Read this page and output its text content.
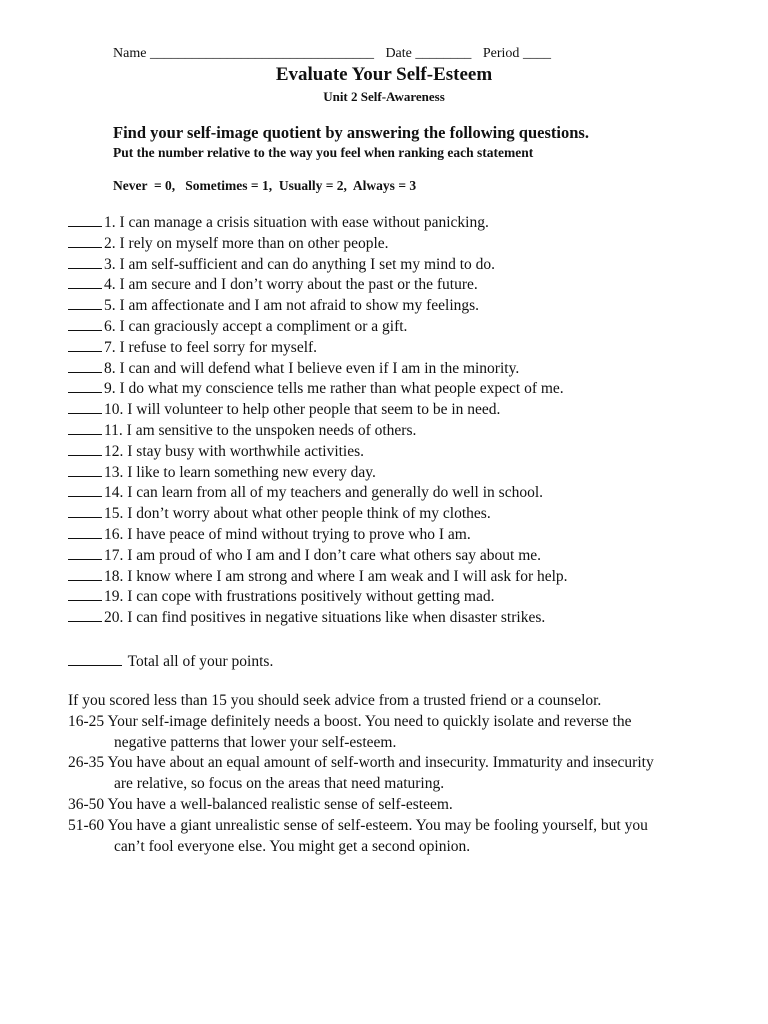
Name ________________________________ Date ________ Period ____
Evaluate Your Self-Esteem
Unit 2 Self-Awareness
Find your self-image quotient by answering the following questions.
Put the number relative to the way you feel when ranking each statement
Never  = 0,   Sometimes = 1,  Usually = 2,  Always = 3
1. I can manage a crisis situation with ease without panicking.
2. I rely on myself more than on other people.
3. I am self-sufficient and can do anything I set my mind to do.
4. I am secure and I don’t worry about the past or the future.
5. I am affectionate and I am not afraid to show my feelings.
6. I can graciously accept a compliment or a gift.
7. I refuse to feel sorry for myself.
8. I can and will defend what I believe even if I am in the minority.
9. I do what my conscience tells me rather than what people expect of me.
10. I will volunteer to help other people that seem to be in need.
11. I am sensitive to the unspoken needs of others.
12. I stay busy with worthwhile activities.
13. I like to learn something new every day.
14. I can learn from all of my teachers and generally do well in school.
15. I don’t worry about what other people think of my clothes.
16. I have peace of mind without trying to prove who I am.
17. I am proud of who I am and I don’t care what others say about me.
18. I know where I am strong and where I am weak and I will ask for help.
19. I can cope with frustrations positively without getting mad.
20. I can find positives in negative situations like when disaster strikes.
Total all of your points.

If you scored less than 15 you should seek advice from a trusted friend or a counselor.

16-25 Your self-image definitely needs a boost. You need to quickly isolate and reverse the negative patterns that lower your self-esteem.

26-35 You have about an equal amount of self-worth and insecurity. Immaturity and insecurity are relative, so focus on the areas that need maturing.

36-50 You have a well-balanced realistic sense of self-esteem.

51-60 You have a giant unrealistic sense of self-esteem. You may be fooling yourself, but you can’t fool everyone else. You might get a second opinion.
